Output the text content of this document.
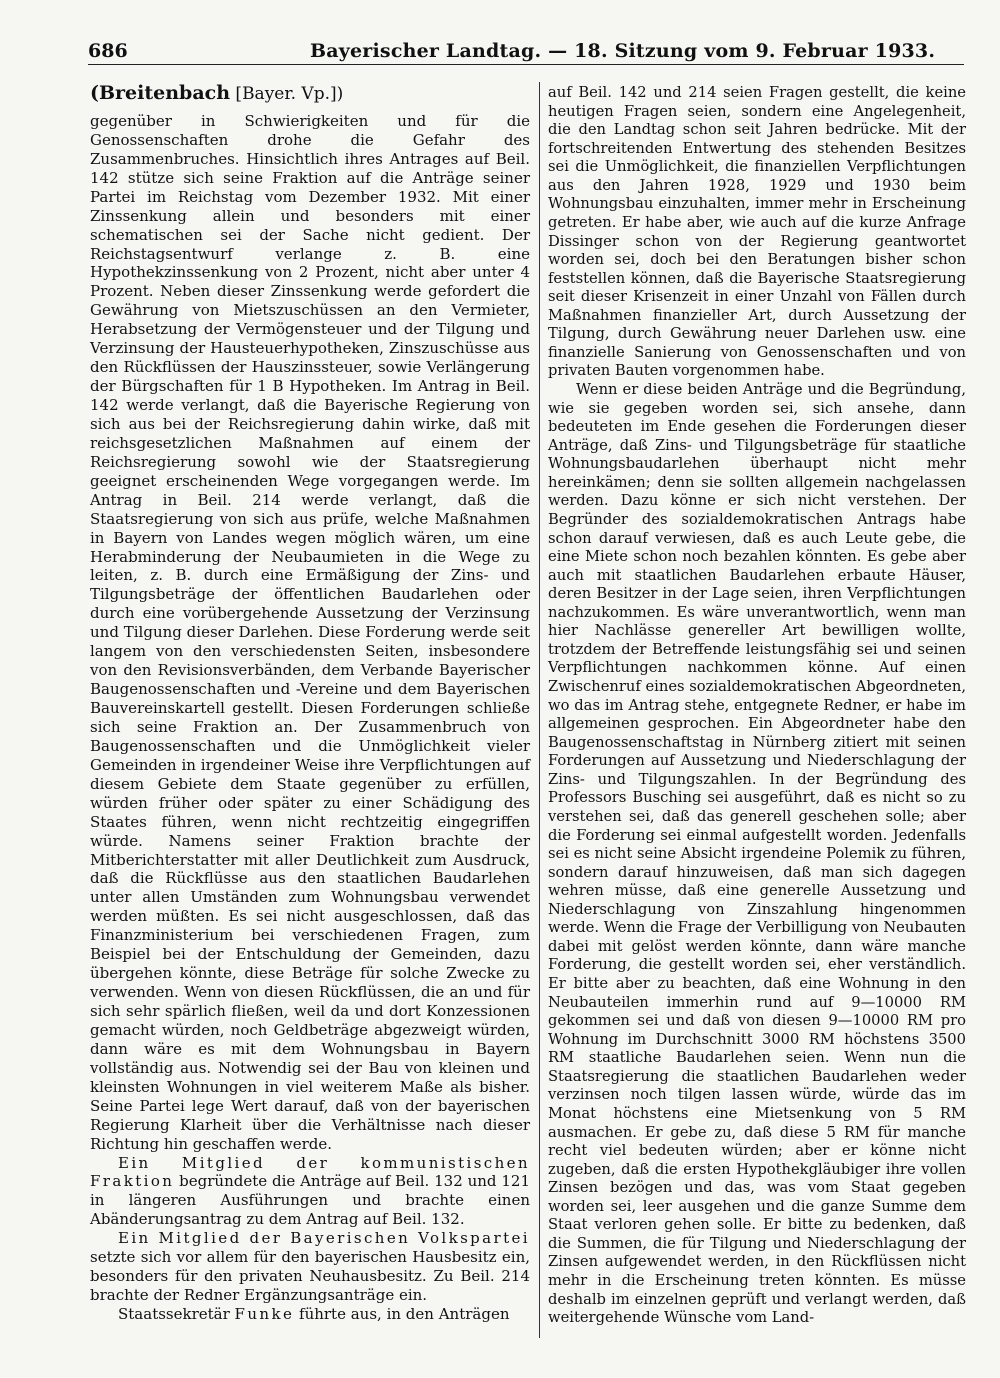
686	Bayerischer Landtag. — 18. Sitzung vom 9. Februar 1933.

(Breitenbach [Bayer. Vp.])

gegenüber in Schwierigkeiten und für die Genossenschaften drohe die Gefahr des Zusammenbruches. Hinsichtlich ihres Antrages auf Beil. 142 stütze sich seine Fraktion auf die Anträge seiner Partei im Reichstag vom Dezember 1932. Mit einer Zinssenkung allein und besonders mit einer schematischen sei der Sache nicht gedient. Der Reichstagsentwurf verlange z. B. eine Hypothekzinssenkung von 2 Prozent, nicht aber unter 4 Prozent. Neben dieser Zinssenkung werde gefordert die Gewährung von Mietszuschüssen an den Vermieter, Herabsetzung der Vermögensteuer und der Tilgung und Verzinsung der Hausteuerhypotheken, Zinszuschüsse aus den Rückflüssen der Hauszinssteuer, sowie Verlängerung der Bürgschaften für 1 B Hypotheken. Im Antrag in Beil. 142 werde verlangt, daß die Bayerische Regierung von sich aus bei der Reichsregierung dahin wirke, daß mit reichsgesetzlichen Maßnahmen auf einem der Reichsregierung sowohl wie der Staatsregierung geeignet erscheinenden Wege vorgegangen werde. Im Antrag in Beil. 214 werde verlangt, daß die Staatsregierung von sich aus prüfe, welche Maßnahmen in Bayern von Landes wegen möglich wären, um eine Herabminderung der Neubaumieten in die Wege zu leiten, z. B. durch eine Ermäßigung der Zins- und Tilgungsbeträge der öffentlichen Baudarlehen oder durch eine vorübergehende Aussetzung der Verzinsung und Tilgung dieser Darlehen. Diese Forderung werde seit langem von den verschiedensten Seiten, insbesondere von den Revisionsverbänden, dem Verbande Bayerischer Baugenossenschaften und -Vereine und dem Bayerischen Bauvereinskartell gestellt. Diesen Forderungen schließe sich seine Fraktion an. Der Zusammenbruch von Baugenossenschaften und die Unmöglichkeit vieler Gemeinden in irgendeiner Weise ihre Verpflichtungen auf diesem Gebiete dem Staate gegenüber zu erfüllen, würden früher oder später zu einer Schädigung des Staates führen, wenn nicht rechtzeitig eingegriffen würde. Namens seiner Fraktion brachte der Mitberichterstatter mit aller Deutlichkeit zum Ausdruck, daß die Rückflüsse aus den staatlichen Baudarlehen unter allen Umständen zum Wohnungsbau verwendet werden müßten. Es sei nicht ausgeschlossen, daß das Finanzministerium bei verschiedenen Fragen, zum Beispiel bei der Entschuldung der Gemeinden, dazu übergehen könnte, diese Beträge für solche Zwecke zu verwenden. Wenn von diesen Rückflüssen, die an und für sich sehr spärlich fließen, weil da und dort Konzessionen gemacht würden, noch Geldbeträge abgezweigt würden, dann wäre es mit dem Wohnungsbau in Bayern vollständig aus. Notwendig sei der Bau von kleinen und kleinsten Wohnungen in viel weiterem Maße als bisher. Seine Partei lege Wert darauf, daß von der bayerischen Regierung Klarheit über die Verhältnisse nach dieser Richtung hin geschaffen werde.

Ein Mitglied der kommunistischen Fraktion begründete die Anträge auf Beil. 132 und 121 in längeren Ausführungen und brachte einen Abänderungsantrag zu dem Antrag auf Beil. 132.

Ein Mitglied der Bayerischen Volkspartei setzte sich vor allem für den bayerischen Hausbesitz ein, besonders für den privaten Neuhausbesitz. Zu Beil. 214 brachte der Redner Ergänzungsanträge ein.

Staatssekretär Funke führte aus, in den Anträgen

auf Beil. 142 und 214 seien Fragen gestellt, die keine heutigen Fragen seien, sondern eine Angelegenheit, die den Landtag schon seit Jahren bedrücke. Mit der fortschreitenden Entwertung des stehenden Besitzes sei die Unmöglichkeit, die finanziellen Verpflichtungen aus den Jahren 1928, 1929 und 1930 beim Wohnungsbau einzuhalten, immer mehr in Erscheinung getreten. Er habe aber, wie auch auf die kurze Anfrage Dissinger schon von der Regierung geantwortet worden sei, doch bei den Beratungen bisher schon feststellen können, daß die Bayerische Staatsregierung seit dieser Krisenzeit in einer Unzahl von Fällen durch Maßnahmen finanzieller Art, durch Aussetzung der Tilgung, durch Gewährung neuer Darlehen usw. eine finanzielle Sanierung von Genossenschaften und von privaten Bauten vorgenommen habe.

Wenn er diese beiden Anträge und die Begründung, wie sie gegeben worden sei, sich ansehe, dann bedeuteten im Ende gesehen die Forderungen dieser Anträge, daß Zins- und Tilgungsbeträge für staatliche Wohnungsbaudarlehen überhaupt nicht mehr hereinkämen; denn sie sollten allgemein nachgelassen werden. Dazu könne er sich nicht verstehen. Der Begründer des sozialdemokratischen Antrags habe schon darauf verwiesen, daß es auch Leute gebe, die eine Miete schon noch bezahlen könnten. Es gebe aber auch mit staatlichen Baudarlehen erbaute Häuser, deren Besitzer in der Lage seien, ihren Verpflichtungen nachzukommen. Es wäre unverantwortlich, wenn man hier Nachlässe genereller Art bewilligen wollte, trotzdem der Betreffende leistungsfähig sei und seinen Verpflichtungen nachkommen könne. Auf einen Zwischenruf eines sozialdemokratischen Abgeordneten, wo das im Antrag stehe, entgegnete Redner, er habe im allgemeinen gesprochen. Ein Abgeordneter habe den Baugenossenschaftstag in Nürnberg zitiert mit seinen Forderungen auf Aussetzung und Niederschlagung der Zins- und Tilgungszahlen. In der Begründung des Professors Busching sei ausgeführt, daß es nicht so zu verstehen sei, daß das generell geschehen solle; aber die Forderung sei einmal aufgestellt worden. Jedenfalls sei es nicht seine Absicht irgendeine Polemik zu führen, sondern darauf hinzuweisen, daß man sich dagegen wehren müsse, daß eine generelle Aussetzung und Niederschlagung von Zinszahlung hingenommen werde. Wenn die Frage der Verbilligung von Neubauten dabei mit gelöst werden könnte, dann wäre manche Forderung, die gestellt worden sei, eher verständlich. Er bitte aber zu beachten, daß eine Wohnung in den Neubauteilen immerhin rund auf 9—10000 RM gekommen sei und daß von diesen 9—10000 RM pro Wohnung im Durchschnitt 3000 RM höchstens 3500 RM staatliche Baudarlehen seien. Wenn nun die Staatsregierung die staatlichen Baudarlehen weder verzinsen noch tilgen lassen würde, würde das im Monat höchstens eine Mietsenkung von 5 RM ausmachen. Er gebe zu, daß diese 5 RM für manche recht viel bedeuten würden; aber er könne nicht zugeben, daß die ersten Hypothekgläubiger ihre vollen Zinsen bezögen und das, was vom Staat gegeben worden sei, leer ausgehen und die ganze Summe dem Staat verloren gehen solle. Er bitte zu bedenken, daß die Summen, die für Tilgung und Niederschlagung der Zinsen aufgewendet werden, in den Rückflüssen nicht mehr in die Erscheinung treten könnten. Es müsse deshalb im einzelnen geprüft und verlangt werden, daß weitergehende Wünsche vom Land-
